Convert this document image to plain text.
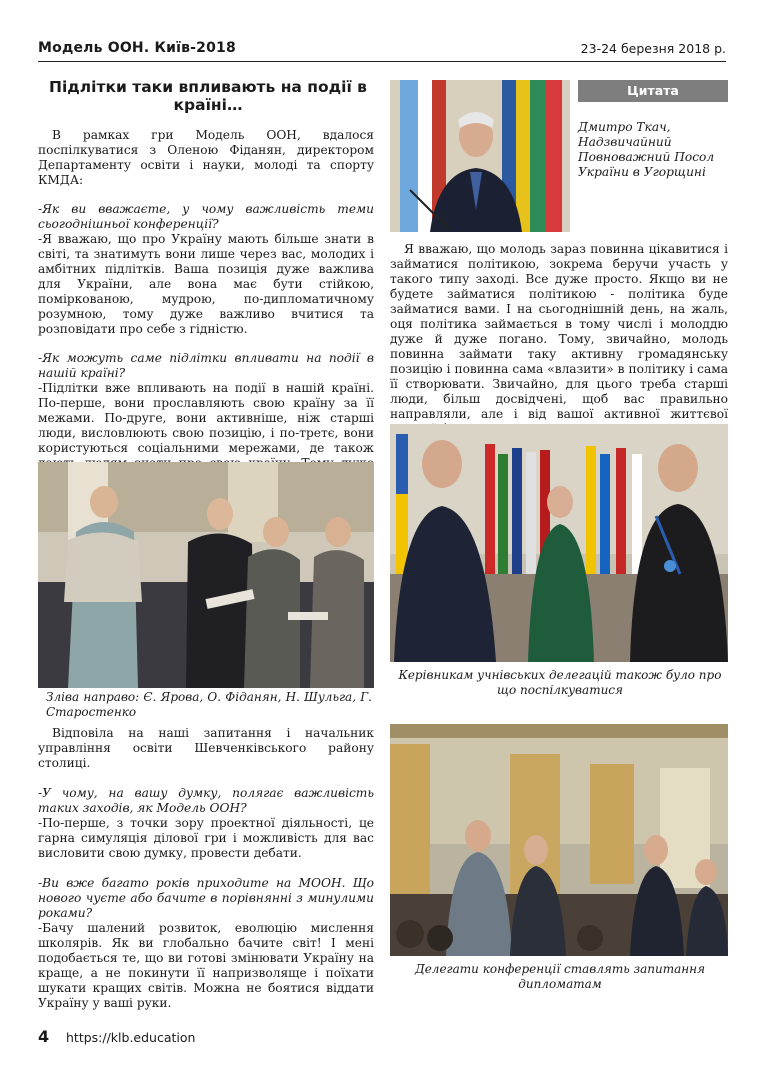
Модель ООН. Київ-2018	23-24 березня 2018 р.
Підлітки таки впливають на події в країні…

В рамках гри Модель ООН, вдалося поспілкуватися з Оленою Фіданян, директором Департаменту освіти і науки, молоді та спорту КМДА:

-Як ви вважаєте, у чому важливість теми сьогоднішньої конференції?

-Я вважаю, що про Україну мають більше знати в світі, та знатимуть вони лише через вас, молодих і амбітних підлітків. Ваша позиція дуже важлива для України, але вона має бути стійкою, поміркованою, мудрою, по-дипломатичному розумною, тому дуже важливо вчитися та розповідати про себе з гідністю.

-Як можуть саме підлітки впливати на події в нашій країні?

-Підлітки вже впливають на події в нашій країні. По-перше, вони прославляють свою країну за її межами. По-друге, вони активніше, ніж старші люди, висловлюють свою позицію, і по-третє, вони користуються соціальними мережами, де також

Зліва направо: Є. Ярова, О. Фіданян, Н. Шульга, Г. Старостенко

Відповіла на наші запитання і начальник управління освіти Шевченківського району столиці.

-У чому, на вашу думку, полягає важливість таких заходів, як Модель ООН?

-По-перше, з точки зору проектної діяльності, це гарна симуляція ділової гри і можливість для вас висловити свою думку, провести дебати.

-Ви вже багато років приходите на МООН. Що нового чуєте або бачите в порівнянні з минулими роками?

-Бачу шалений розвиток, еволюцію мислення школярів. Як ви глобально бачите світ! І мені подобається те, що ви готові змінювати Україну на краще, а не покинути її напризволяще і поїхати шукати кращих світів. Можна не боятися віддати Україну у ваші руки.

Цитата
Дмитро Ткач, Надзвичайний Повноважний Посол України в Угорщині

Я вважаю, що молодь зараз повинна цікавитися і займатися політикою, зокрема беручи участь у такого типу заході. Все дуже просто. Якщо ви не будете займатися політикою - політика буде займатися вами. І на сьогоднішній день, на жаль, оця політика займається в тому числі і молоддю дуже й дуже погано. Тому, звичайно, молодь повинна займати таку активну громадянську позицію і повинна сама «влазити» в політику і сама її створювати. Звичайно, для цього треба старші люди, більш досвідчені, щоб вас правильно направляли, але і від вашої активної життєвої

Керівникам учнівських делегацій також було про що поспілкуватися
Делегати конференції ставлять запитання дипломатам
4 https://klb.education
